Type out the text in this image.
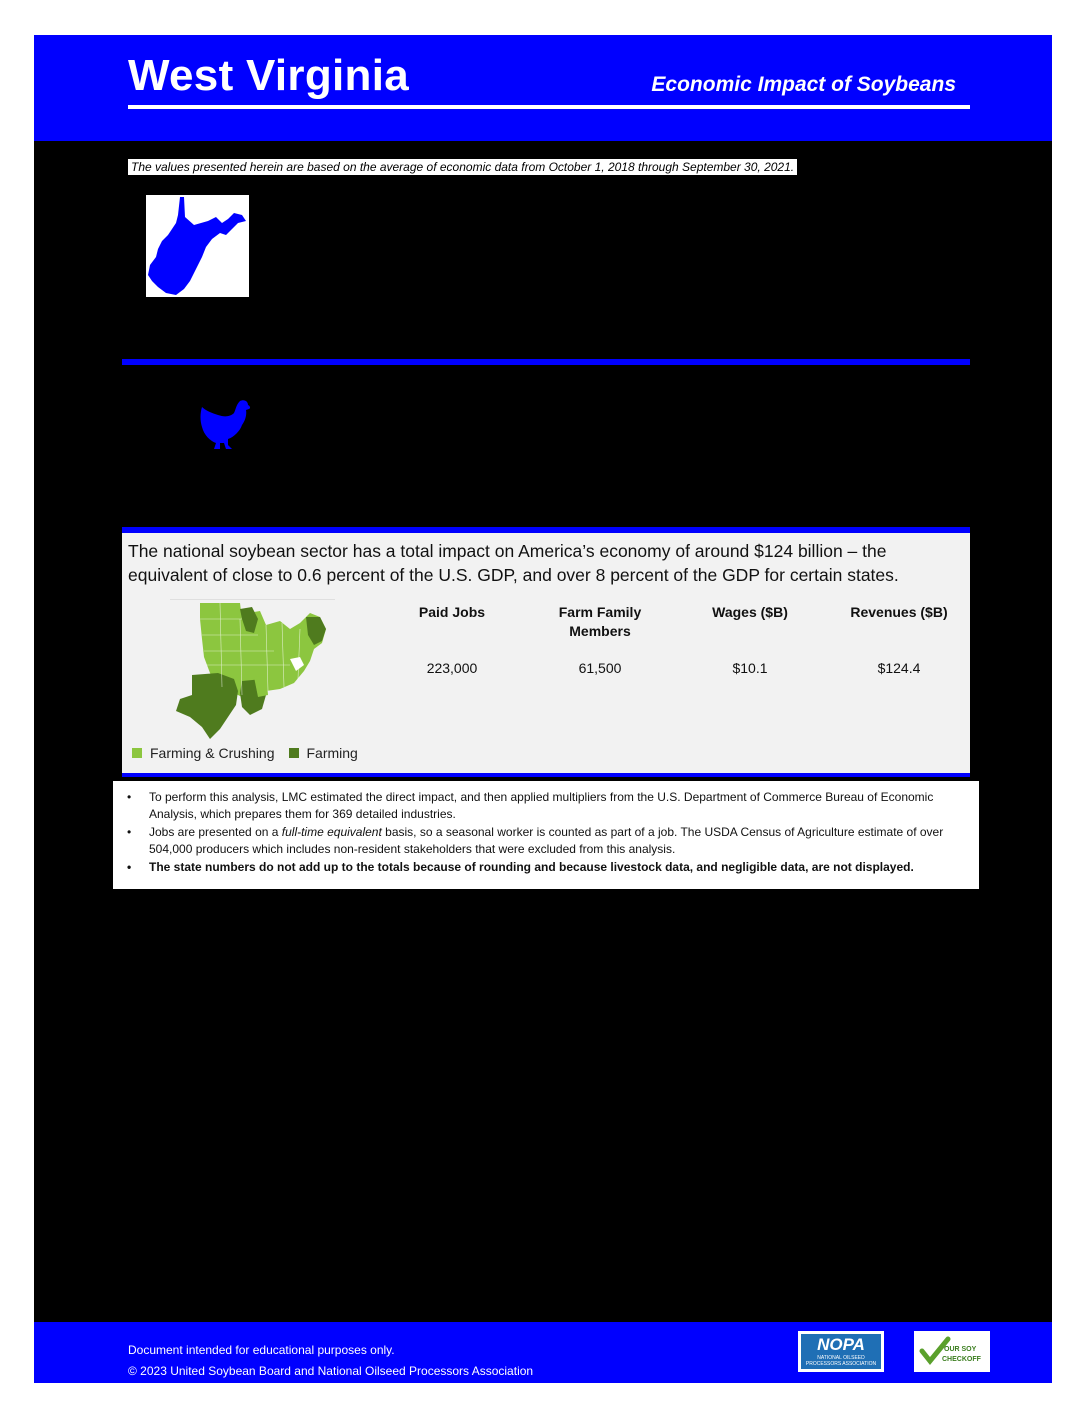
West Virginia	Economic Impact of Soybeans
The values presented herein are based on the average of economic data from October 1, 2018 through September 30, 2021.
The national soybean sector has a total impact on America’s economy of around $124 billion – the equivalent of close to 0.6 percent of the U.S. GDP, and over 8 percent of the GDP for certain states.
Farming & Crushing Farming
Paid Jobs
223,000
Farm Family Members
61,500
Wages ($B)
$10.1
Revenues ($B)
$124.4
• To perform this analysis, LMC estimated the direct impact, and then applied multipliers from the U.S. Department of Commerce Bureau of Economic Analysis, which prepares them for 369 detailed industries.
• Jobs are presented on a full-time equivalent basis, so a seasonal worker is counted as part of a job. The USDA Census of Agriculture estimate of over 504,000 producers which includes non-resident stakeholders that were excluded from this analysis.
• The state numbers do not add up to the totals because of rounding and because livestock data, and negligible data, are not displayed.
Document intended for educational purposes only.
© 2023 United Soybean Board and National Oilseed Processors Association
NOPA
NATIONAL OILSEED PROCESSORS ASSOCIATION
OUR SOY
CHECKOFF
